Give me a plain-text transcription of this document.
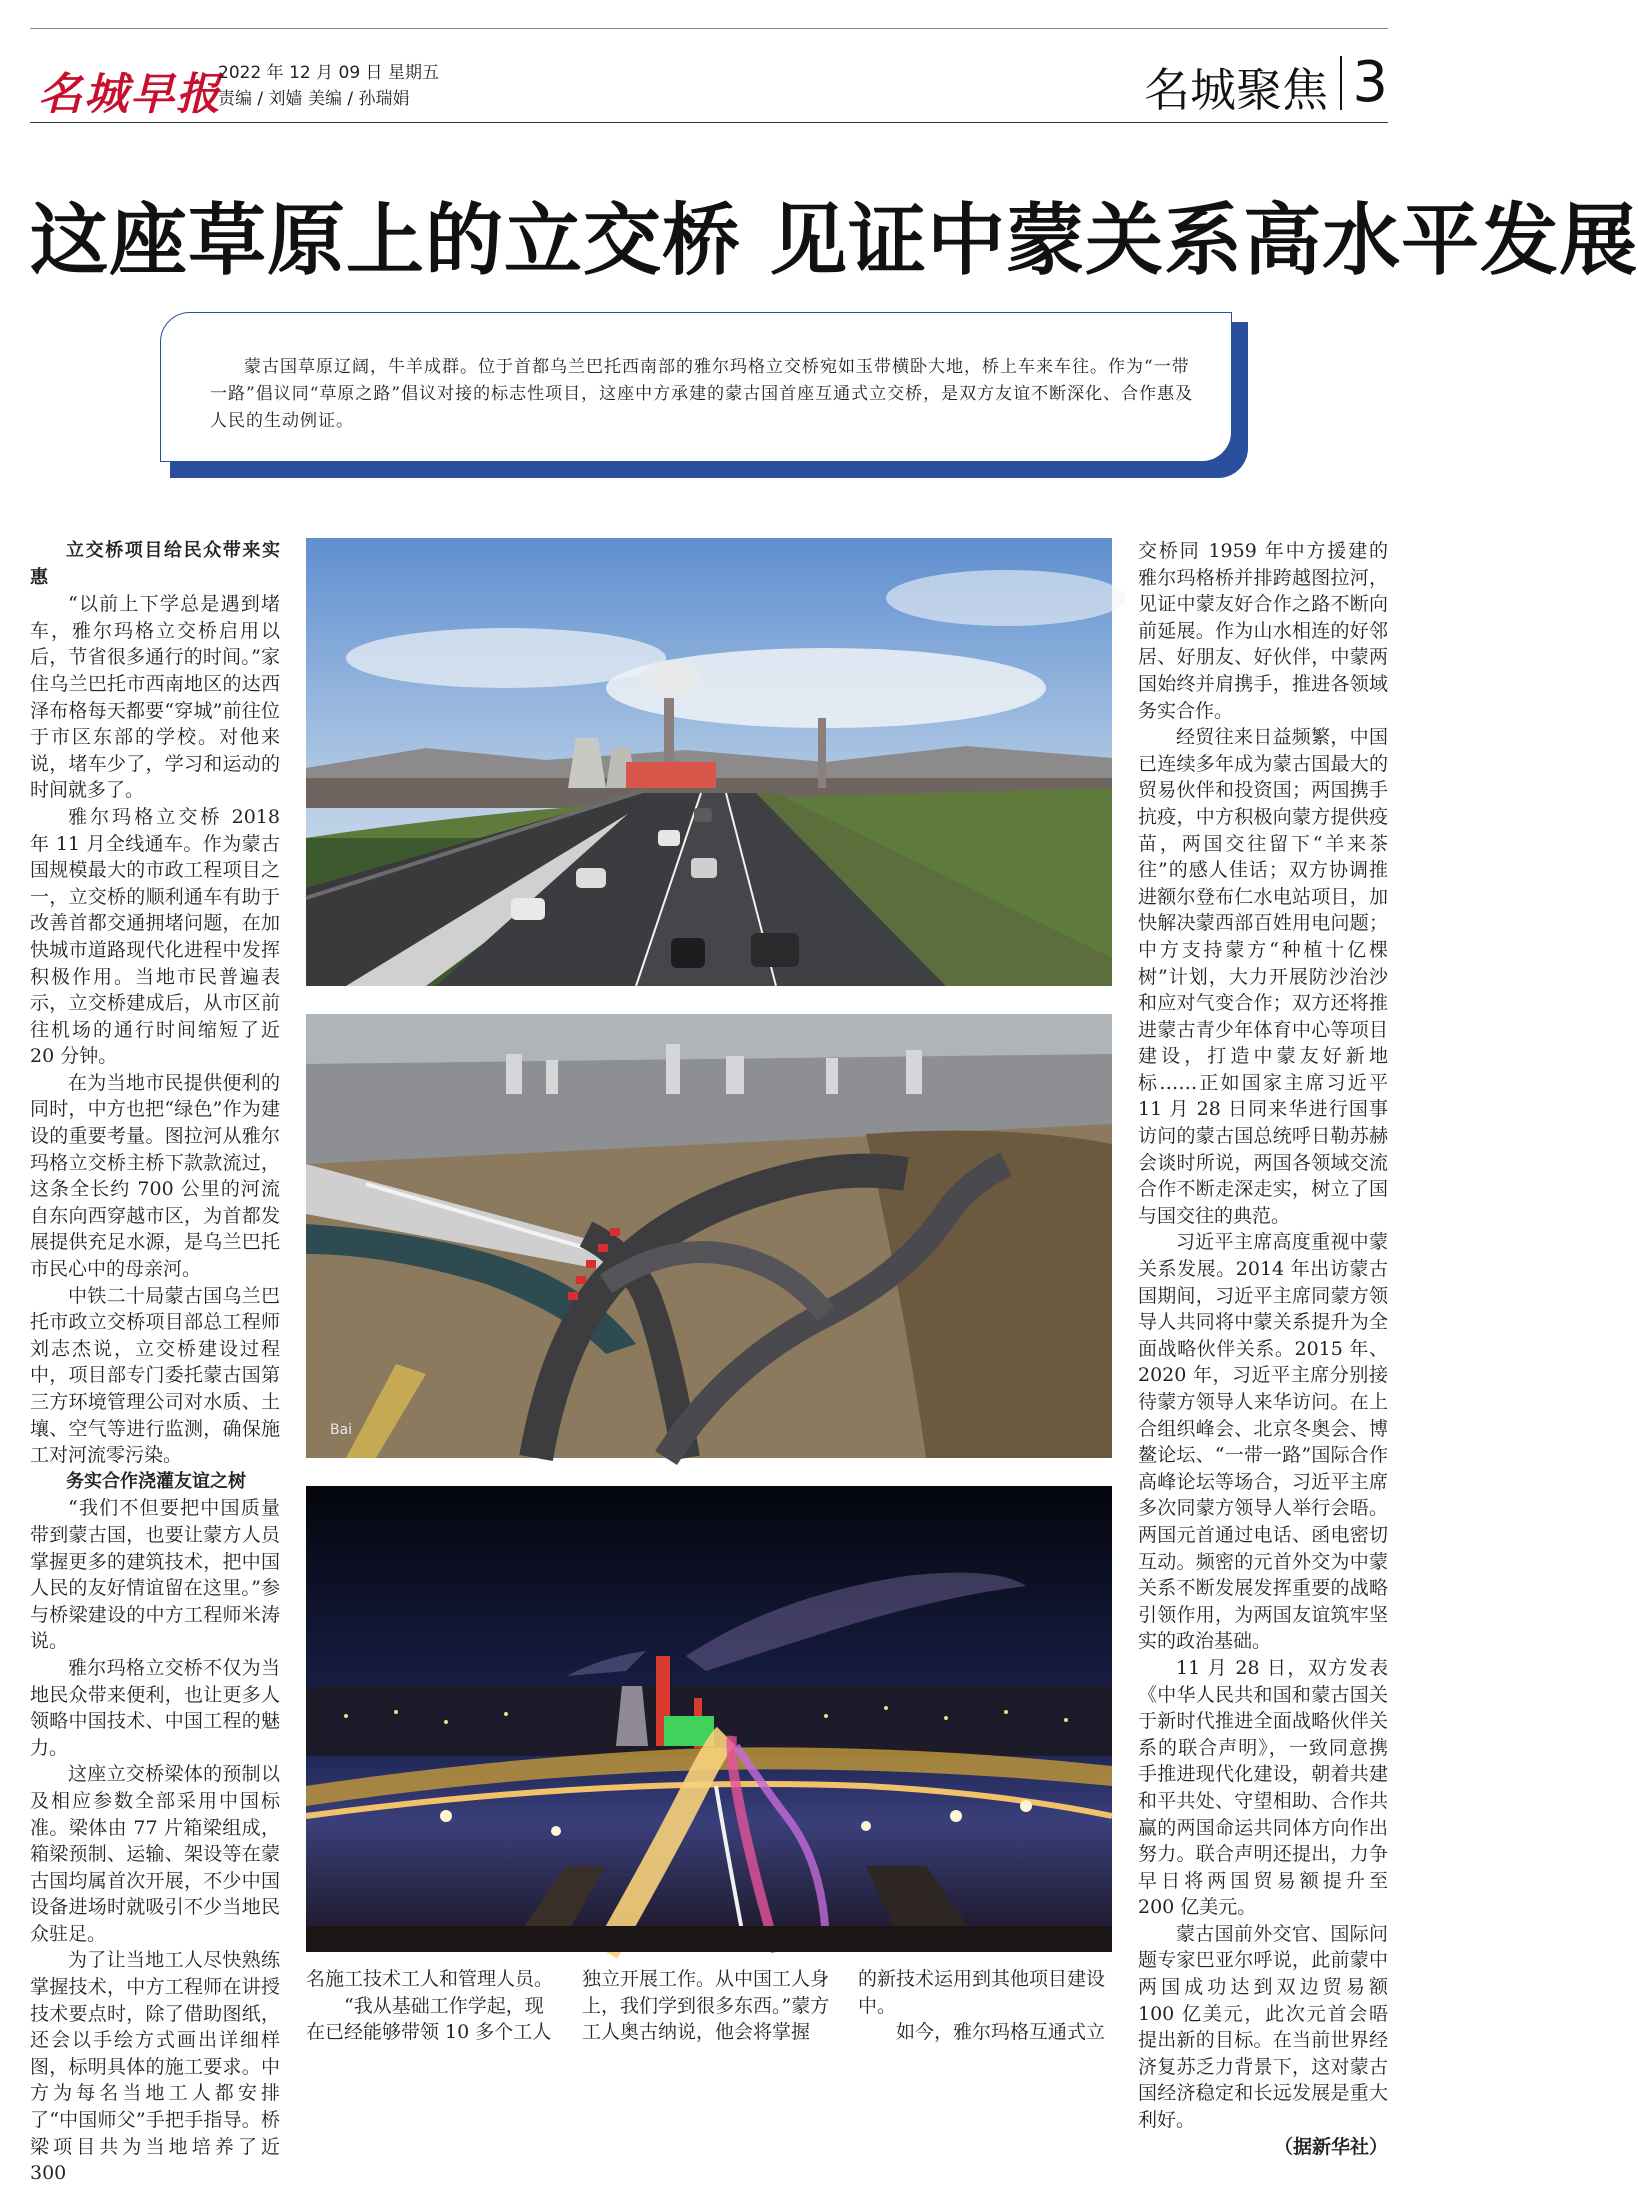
名城早报
2022 年 12 月 09 日 星期五
责编 / 刘嫱 美编 / 孙瑞娟	名城聚焦 3
这座草原上的立交桥 见证中蒙关系高水平发展
蒙古国草原辽阔，牛羊成群。位于首都乌兰巴托西南部的雅尔玛格立交桥宛如玉带横卧大地，桥上车来车往。作为“一带一路”倡议同“草原之路”倡议对接的标志性项目，这座中方承建的蒙古国首座互通式立交桥，是双方友谊不断深化、合作惠及人民的生动例证。

立交桥项目给民众带来实惠

“以前上下学总是遇到堵车，雅尔玛格立交桥启用以后，节省很多通行的时间。”家住乌兰巴托市西南地区的达西泽布格每天都要“穿城”前往位于市区东部的学校。对他来说，堵车少了，学习和运动的时间就多了。

雅尔玛格立交桥 2018 年 11 月全线通车。作为蒙古国规模最大的市政工程项目之一，立交桥的顺利通车有助于改善首都交通拥堵问题，在加快城市道路现代化进程中发挥积极作用。当地市民普遍表示，立交桥建成后，从市区前往机场的通行时间缩短了近 20 分钟。

在为当地市民提供便利的同时，中方也把“绿色”作为建设的重要考量。图拉河从雅尔玛格立交桥主桥下款款流过，这条全长约 700 公里的河流自东向西穿越市区，为首都发展提供充足水源，是乌兰巴托市民心中的母亲河。

中铁二十局蒙古国乌兰巴托市政立交桥项目部总工程师刘志杰说，立交桥建设过程中，项目部专门委托蒙古国第三方环境管理公司对水质、土壤、空气等进行监测，确保施工对河流零污染。

务实合作浇灌友谊之树

“我们不但要把中国质量带到蒙古国，也要让蒙方人员掌握更多的建筑技术，把中国人民的友好情谊留在这里。”参与桥梁建设的中方工程师米涛说。

雅尔玛格立交桥不仅为当地民众带来便利，也让更多人领略中国技术、中国工程的魅力。

这座立交桥梁体的预制以及相应参数全部采用中国标准。梁体由 77 片箱梁组成，箱梁预制、运输、架设等在蒙古国均属首次开展，不少中国设备进场时就吸引不少当地民众驻足。

为了让当地工人尽快熟练掌握技术，中方工程师在讲授技术要点时，除了借助图纸，还会以手绘方式画出详细样图，标明具体的施工要求。中方为每名当地工人都安排了“中国师父”手把手指导。桥梁项目共为当地培养了近 300

交桥同 1959 年中方援建的雅尔玛格桥并排跨越图拉河，见证中蒙友好合作之路不断向前延展。作为山水相连的好邻居、好朋友、好伙伴，中蒙两国始终并肩携手，推进各领域务实合作。

经贸往来日益频繁，中国已连续多年成为蒙古国最大的贸易伙伴和投资国；两国携手抗疫，中方积极向蒙方提供疫苗，两国交往留下“羊来茶往”的感人佳话；双方协调推进额尔登布仁水电站项目，加快解决蒙西部百姓用电问题；中方支持蒙方“种植十亿棵树”计划，大力开展防沙治沙和应对气变合作；双方还将推进蒙古青少年体育中心等项目建设，打造中蒙友好新地标……正如国家主席习近平 11 月 28 日同来华进行国事访问的蒙古国总统呼日勒苏赫会谈时所说，两国各领域交流合作不断走深走实，树立了国与国交往的典范。

习近平主席高度重视中蒙关系发展。2014 年出访蒙古国期间，习近平主席同蒙方领导人共同将中蒙关系提升为全面战略伙伴关系。2015 年、2020 年，习近平主席分别接待蒙方领导人来华访问。在上合组织峰会、北京冬奥会、博鳌论坛、“一带一路”国际合作高峰论坛等场合，习近平主席多次同蒙方领导人举行会晤。两国元首通过电话、函电密切互动。频密的元首外交为中蒙关系不断发展发挥重要的战略引领作用，为两国友谊筑牢坚实的政治基础。

11 月 28 日，双方发表《中华人民共和国和蒙古国关于新时代推进全面战略伙伴关系的联合声明》，一致同意携手推进现代化建设，朝着共建和平共处、守望相助、合作共赢的两国命运共同体方向作出努力。联合声明还提出，力争早日将两国贸易额提升至 200 亿美元。

蒙古国前外交官、国际问题专家巴亚尔呼说，此前蒙中两国成功达到双边贸易额 100 亿美元，此次元首会晤提出新的目标。在当前世界经济复苏乏力背景下，这对蒙古国经济稳定和长远发展是重大利好。

（据新华社）

Bai

名施工技术工人和管理人员。

“我从基础工作学起，现在已经能够带领 10 多个工人

独立开展工作。从中国工人身上，我们学到很多东西。”蒙方工人奥古纳说，他会将掌握

的新技术运用到其他项目建设中。

如今，雅尔玛格互通式立
